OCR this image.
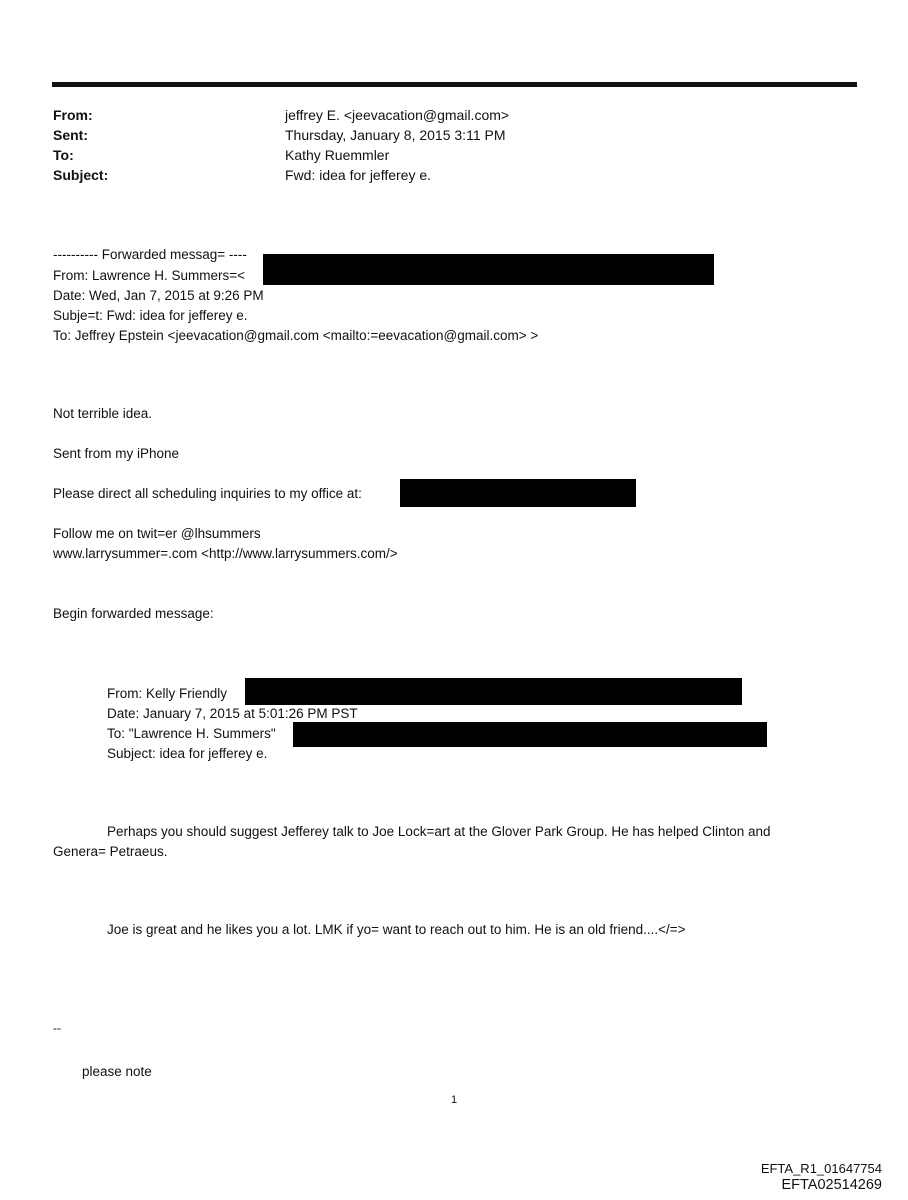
From:	jeffrey E. <jeevacation@gmail.com>
Sent:	Thursday, January 8, 2015 3:11 PM
To:	Kathy Ruemmler
Subject:	Fwd: idea for jefferey e.
---------- Forwarded messag= ----
From: Lawrence H. Summers=<
Date: Wed, Jan 7, 2015 at 9:26 PM
Subje=t: Fwd: idea for jefferey e.
To: Jeffrey Epstein <jeevacation@gmail.com <mailto:=eevacation@gmail.com> >
Not terrible idea.
Sent from my iPhone
Please direct all scheduling inquiries to my office at:
Follow me on twit=er @lhsummers
www.larrysummer=.com <http://www.larrysummers.com/>
Begin forwarded message:
From: Kelly Friendly
Date: January 7, 2015 at 5:01:26 PM PST
To: "Lawrence H. Summers"
Subject: idea for jefferey e.
Perhaps you should suggest Jefferey talk to Joe Lock=art at the Glover Park Group. He has helped Clinton and
Genera= Petraeus.
Joe is great and he likes you a lot. LMK if yo= want to reach out to him. He is an old friend....</=>
--
please note
1
EFTA_R1_01647754
EFTA02514269
